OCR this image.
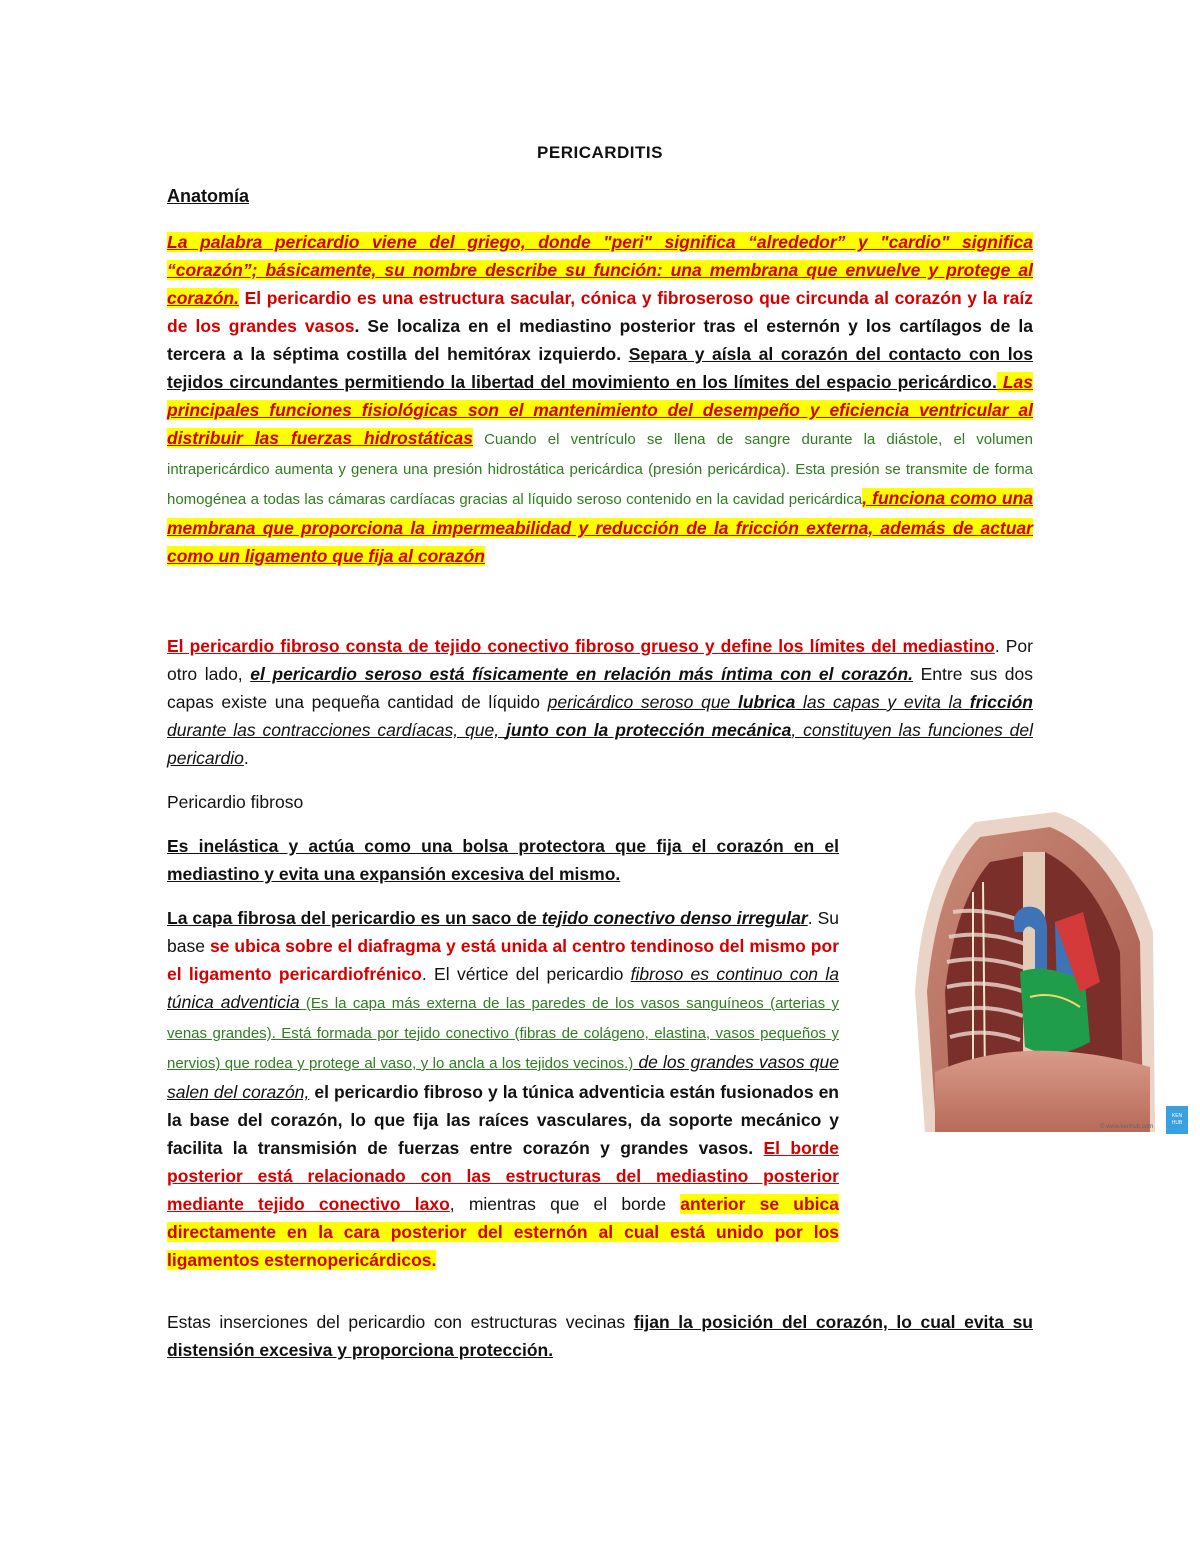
PERICARDITIS
Anatomía
La palabra pericardio viene del griego, donde "peri" significa “alrededor” y "cardio" significa “corazón”; básicamente, su nombre describe su función: una membrana que envuelve y protege al corazón. El pericardio es una estructura sacular, cónica y fibroseroso que circunda al corazón y la raíz de los grandes vasos. Se localiza en el mediastino posterior tras el esternón y los cartílagos de la tercera a la séptima costilla del hemitórax izquierdo. Separa y aísla al corazón del contacto con los tejidos circundantes permitiendo la libertad del movimiento en los límites del espacio pericárdico. Las principales funciones fisiológicas son el mantenimiento del desempeño y eficiencia ventricular al distribuir las fuerzas hidrostáticas Cuando el ventrículo se llena de sangre durante la diástole, el volumen intrapericárdico aumenta y genera una presión hidrostática pericárdica (presión pericárdica). Esta presión se transmite de forma homogénea a todas las cámaras cardíacas gracias al líquido seroso contenido en la cavidad pericárdica, funciona como una membrana que proporciona la impermeabilidad y reducción de la fricción externa, además de actuar como un ligamento que fija al corazón
El pericardio fibroso consta de tejido conectivo fibroso grueso y define los límites del mediastino. Por otro lado, el pericardio seroso está físicamente en relación más íntima con el corazón. Entre sus dos capas existe una pequeña cantidad de líquido pericárdico seroso que lubrica las capas y evita la fricción durante las contracciones cardíacas, que, junto con la protección mecánica, constituyen las funciones del pericardio.
Pericardio fibroso
Es inelástica y actúa como una bolsa protectora que fija el corazón en el mediastino y evita una expansión excesiva del mismo.
La capa fibrosa del pericardio es un saco de tejido conectivo denso irregular. Su base se ubica sobre el diafragma y está unida al centro tendinoso del mismo por el ligamento pericardiofrénico. El vértice del pericardio fibroso es continuo con la túnica adventicia (Es la capa más externa de las paredes de los vasos sanguíneos (arterias y venas grandes). Está formada por tejido conectivo (fibras de colágeno, elastina, vasos pequeños y nervios) que rodea y protege al vaso, y lo ancla a los tejidos vecinos.) de los grandes vasos que salen del corazón, el pericardio fibroso y la túnica adventicia están fusionados en la base del corazón, lo que fija las raíces vasculares, da soporte mecánico y facilita la transmisión de fuerzas entre corazón y grandes vasos. El borde posterior está relacionado con las estructuras del mediastino posterior mediante tejido conectivo laxo, mientras que el borde anterior se ubica directamente en la cara posterior del esternón al cual está unido por los ligamentos esternopericárdicos.
Estas inserciones del pericardio con estructuras vecinas fijan la posición del corazón, lo cual evita su distensión excesiva y proporciona protección.
© www.kenhub.com
KEN
HUB
